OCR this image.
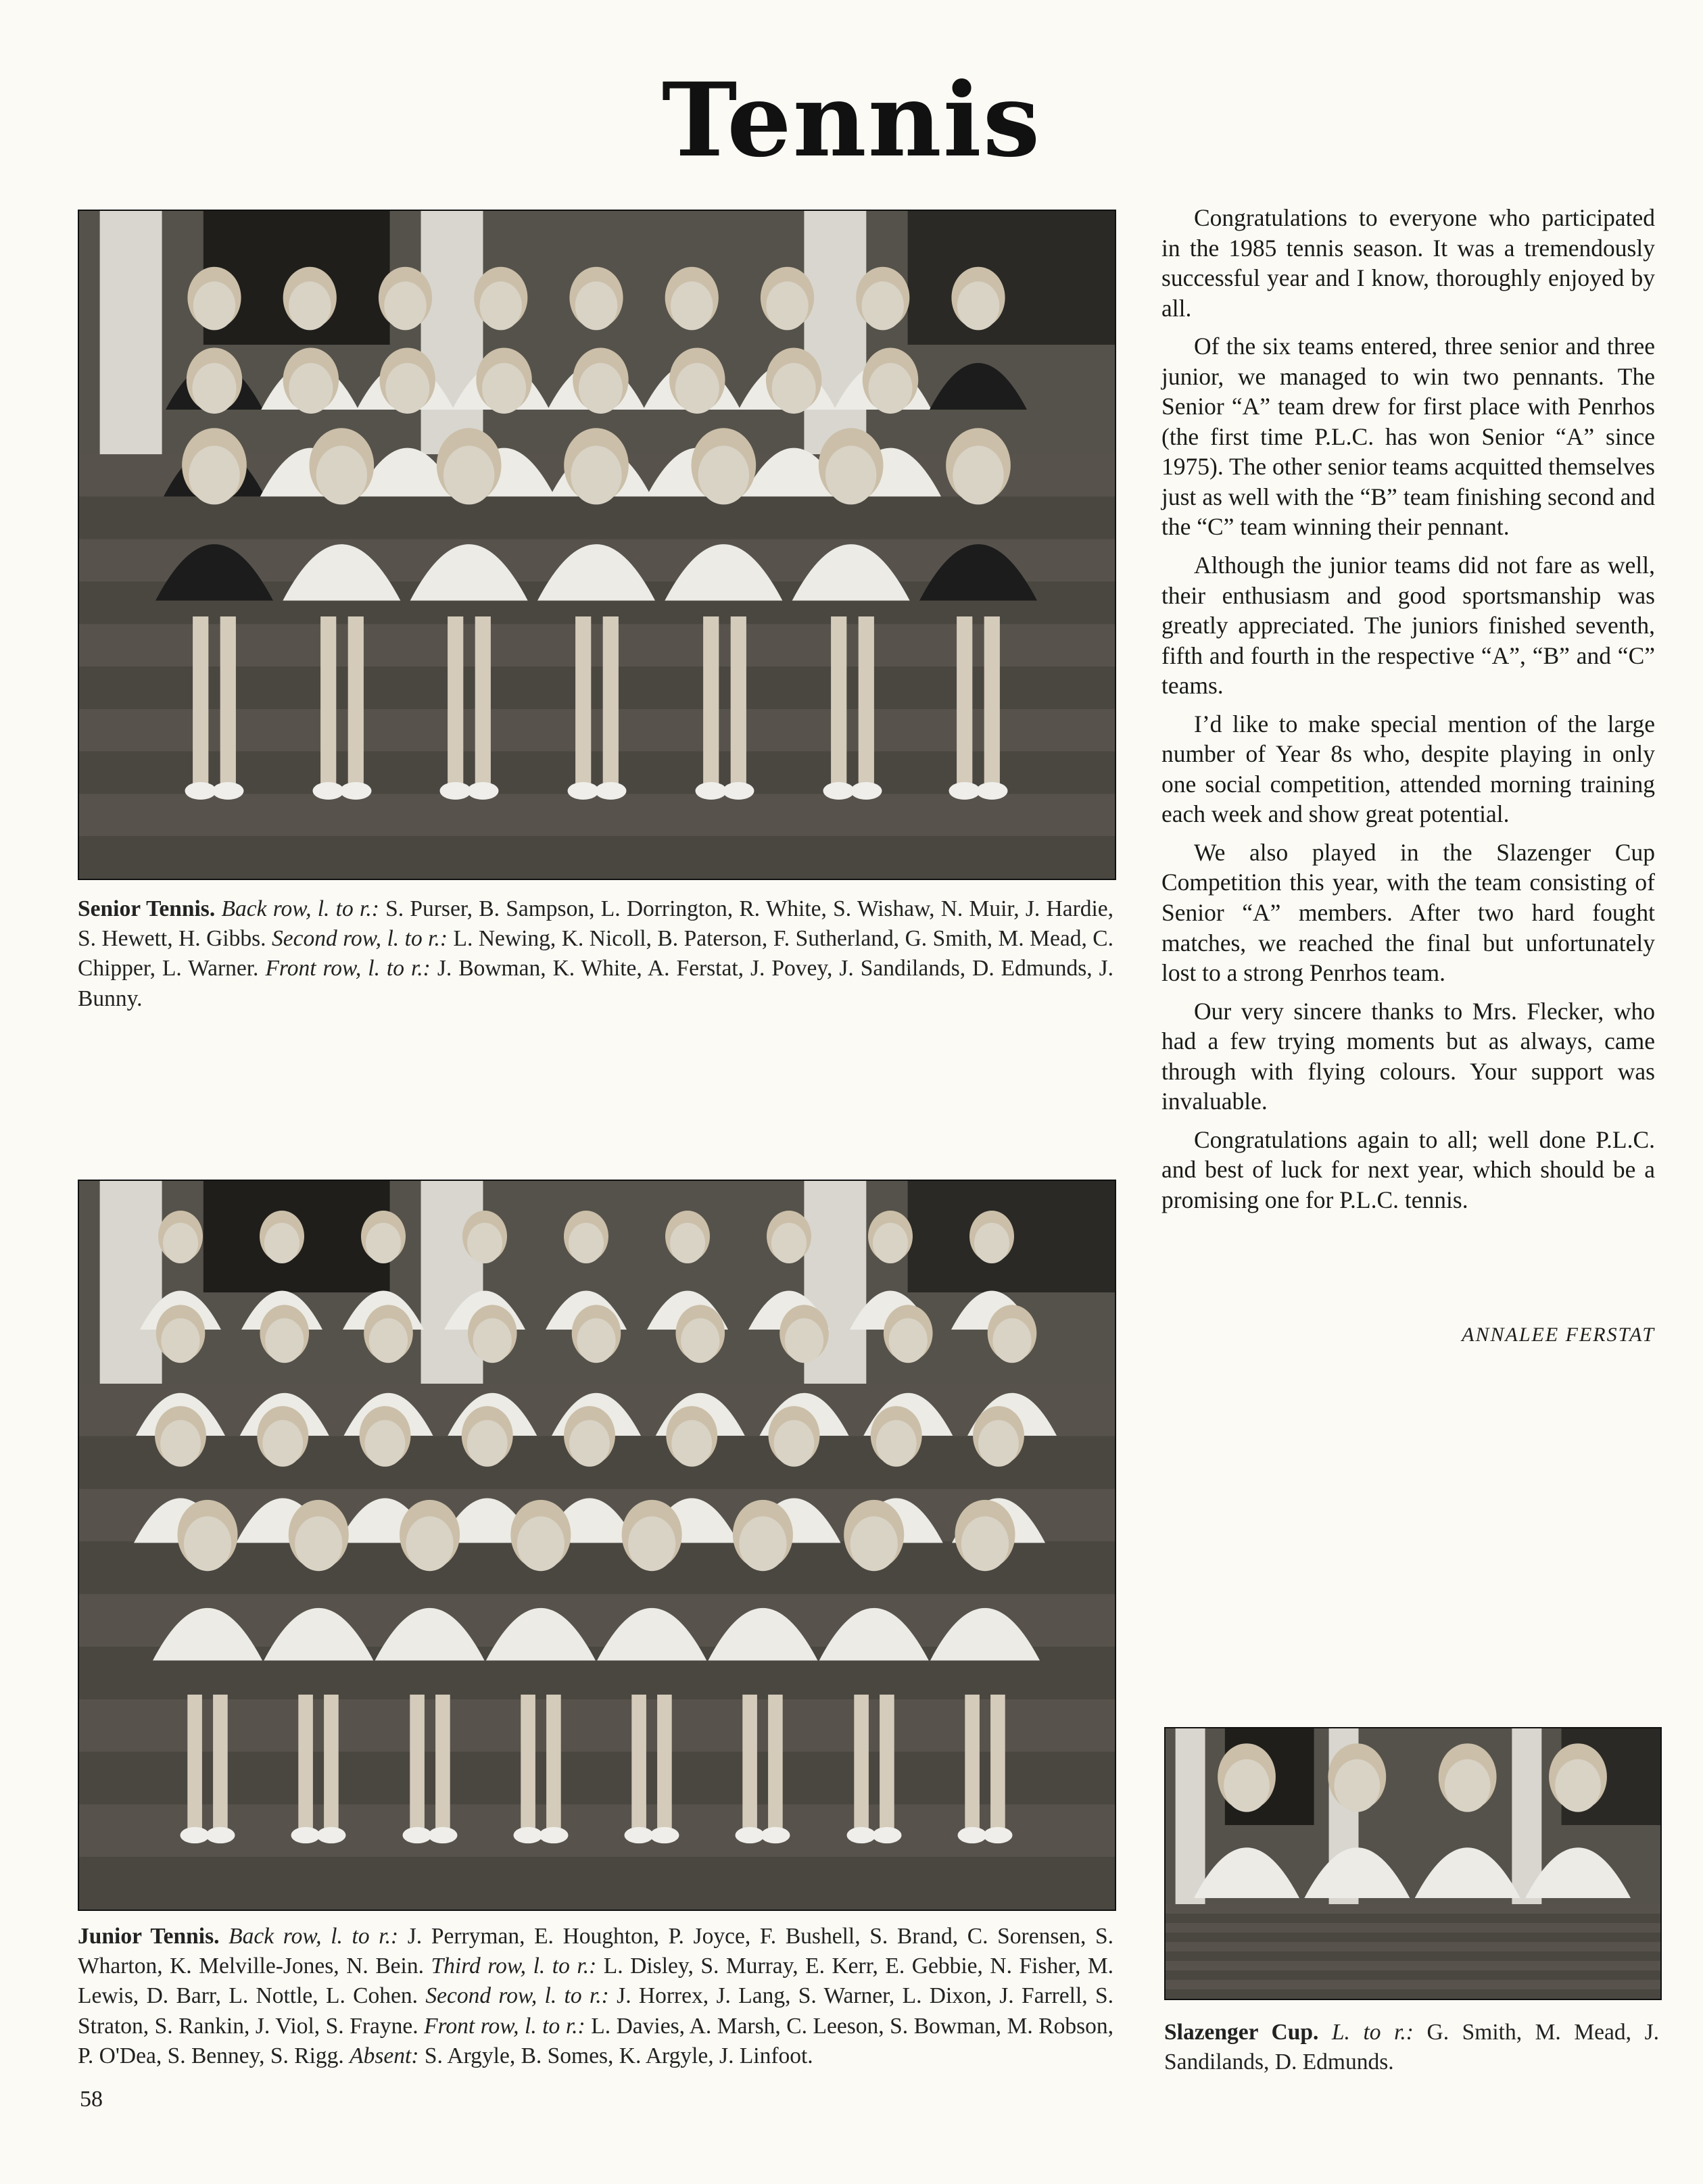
Tennis
Senior Tennis. Back row, l. to r.: S. Purser, B. Sampson, L. Dorrington, R. White, S. Wishaw, N. Muir, J. Hardie, S. Hewett, H. Gibbs. Second row, l. to r.: L. Newing, K. Nicoll, B. Paterson, F. Sutherland, G. Smith, M. Mead, C. Chipper, L. Warner. Front row, l. to r.: J. Bowman, K. White, A. Ferstat, J. Povey, J. Sandilands, D. Edmunds, J. Bunny.
Junior Tennis. Back row, l. to r.: J. Perryman, E. Houghton, P. Joyce, F. Bushell, S. Brand, C. Sorensen, S. Wharton, K. Melville-Jones, N. Bein. Third row, l. to r.: L. Disley, S. Murray, E. Kerr, E. Gebbie, N. Fisher, M. Lewis, D. Barr, L. Nottle, L. Cohen. Second row, l. to r.: J. Horrex, J. Lang, S. Warner, L. Dixon, J. Farrell, S. Straton, S. Rankin, J. Viol, S. Frayne. Front row, l. to r.: L. Davies, A. Marsh, C. Leeson, S. Bowman, M. Robson, P. O'Dea, S. Benney, S. Rigg. Absent: S. Argyle, B. Somes, K. Argyle, J. Linfoot.
Slazenger Cup. L. to r.: G. Smith, M. Mead, J. Sandilands, D. Edmunds.

Congratulations to everyone who participated in the 1985 tennis season. It was a tremendously successful year and I know, thoroughly enjoyed by all.

Of the six teams entered, three senior and three junior, we managed to win two pennants. The Senior “A” team drew for first place with Penrhos (the first time P.L.C. has won Senior “A” since 1975). The other senior teams acquitted themselves just as well with the “B” team finishing second and the “C” team winning their pennant.

Although the junior teams did not fare as well, their enthusiasm and good sportsmanship was greatly appreciated. The juniors finished seventh, fifth and fourth in the respective “A”, “B” and “C” teams.

I’d like to make special mention of the large number of Year 8s who, despite playing in only one social competition, attended morning training each week and show great potential.

We also played in the Slazenger Cup Competition this year, with the team consisting of Senior “A” members. After two hard fought matches, we reached the final but unfortunately lost to a strong Penrhos team.

Our very sincere thanks to Mrs. Flecker, who had a few trying moments but as always, came through with flying colours. Your support was invaluable.

Congratulations again to all; well done P.L.C. and best of luck for next year, which should be a promising one for P.L.C. tennis.

ANNALEE FERSTAT
58
